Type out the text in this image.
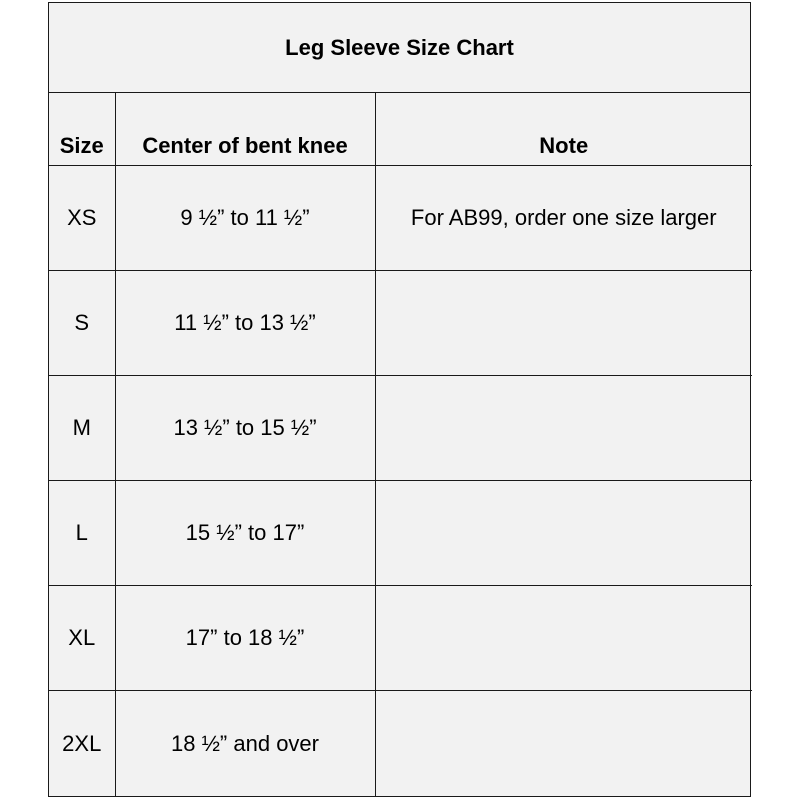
Leg Sleeve Size Chart
Size	Center of bent knee	Note
XS	9 ½” to 11 ½”	For AB99, order one size larger
S	11 ½” to 13 ½”	
M	13 ½” to 15 ½”	
L	15 ½” to 17”	
XL	17” to 18 ½”	
2XL	18 ½” and over	
